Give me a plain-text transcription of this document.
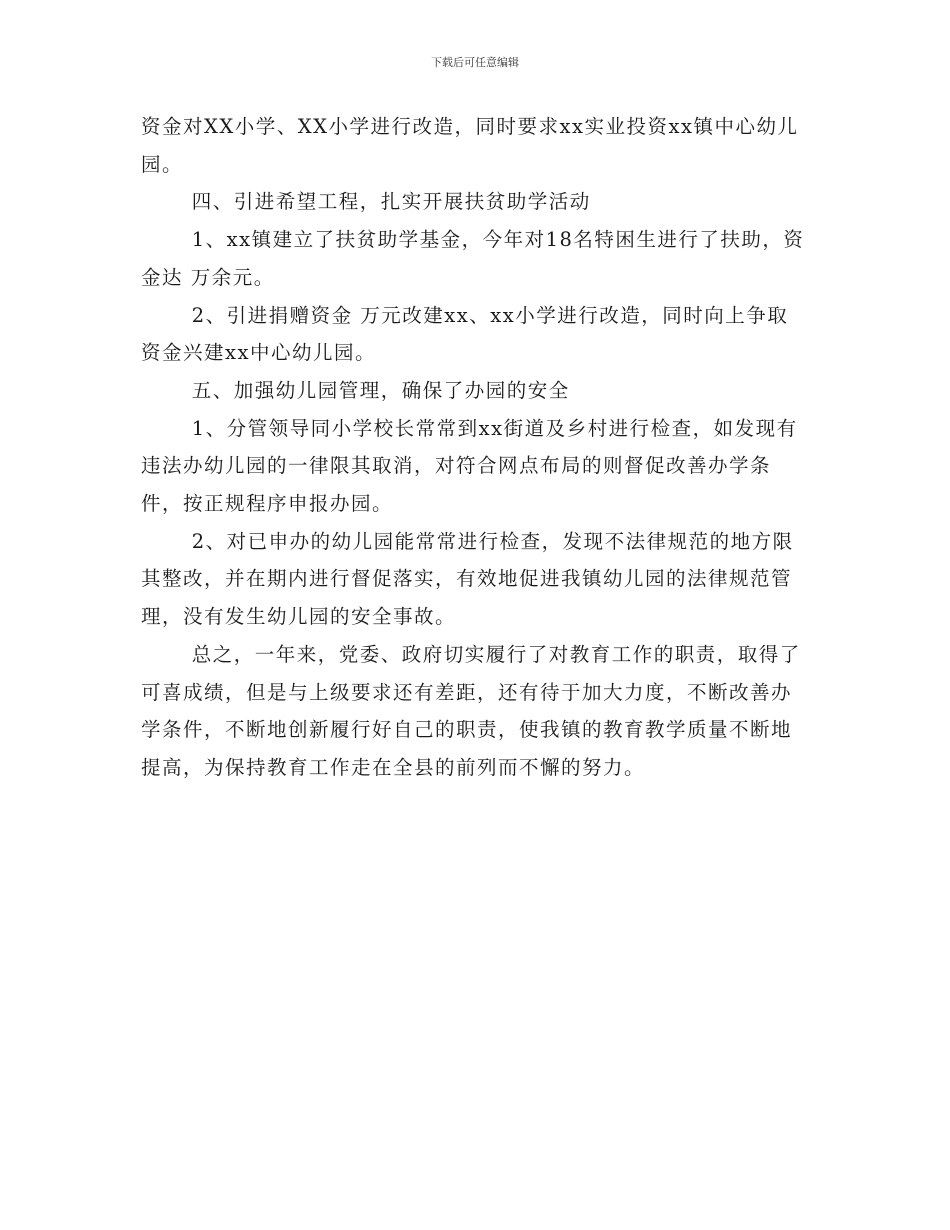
下载后可任意编辑

资金对XX小学、XX小学进行改造，同时要求xx实业投资xx镇中心幼儿园。

四、引进希望工程，扎实开展扶贫助学活动

1、xx镇建立了扶贫助学基金，今年对18名特困生进行了扶助，资金达 万余元。

2、引进捐赠资金 万元改建xx、xx小学进行改造，同时向上争取资金兴建xx中心幼儿园。

五、加强幼儿园管理，确保了办园的安全

1、分管领导同小学校长常常到xx街道及乡村进行检查，如发现有违法办幼儿园的一律限其取消，对符合网点布局的则督促改善办学条件，按正规程序申报办园。

2、对已申办的幼儿园能常常进行检查，发现不法律规范的地方限其整改，并在期内进行督促落实，有效地促进我镇幼儿园的法律规范管理，没有发生幼儿园的安全事故。

总之，一年来，党委、政府切实履行了对教育工作的职责，取得了可喜成绩，但是与上级要求还有差距，还有待于加大力度，不断改善办学条件，不断地创新履行好自己的职责，使我镇的教育教学质量不断地提高，为保持教育工作走在全县的前列而不懈的努力。
